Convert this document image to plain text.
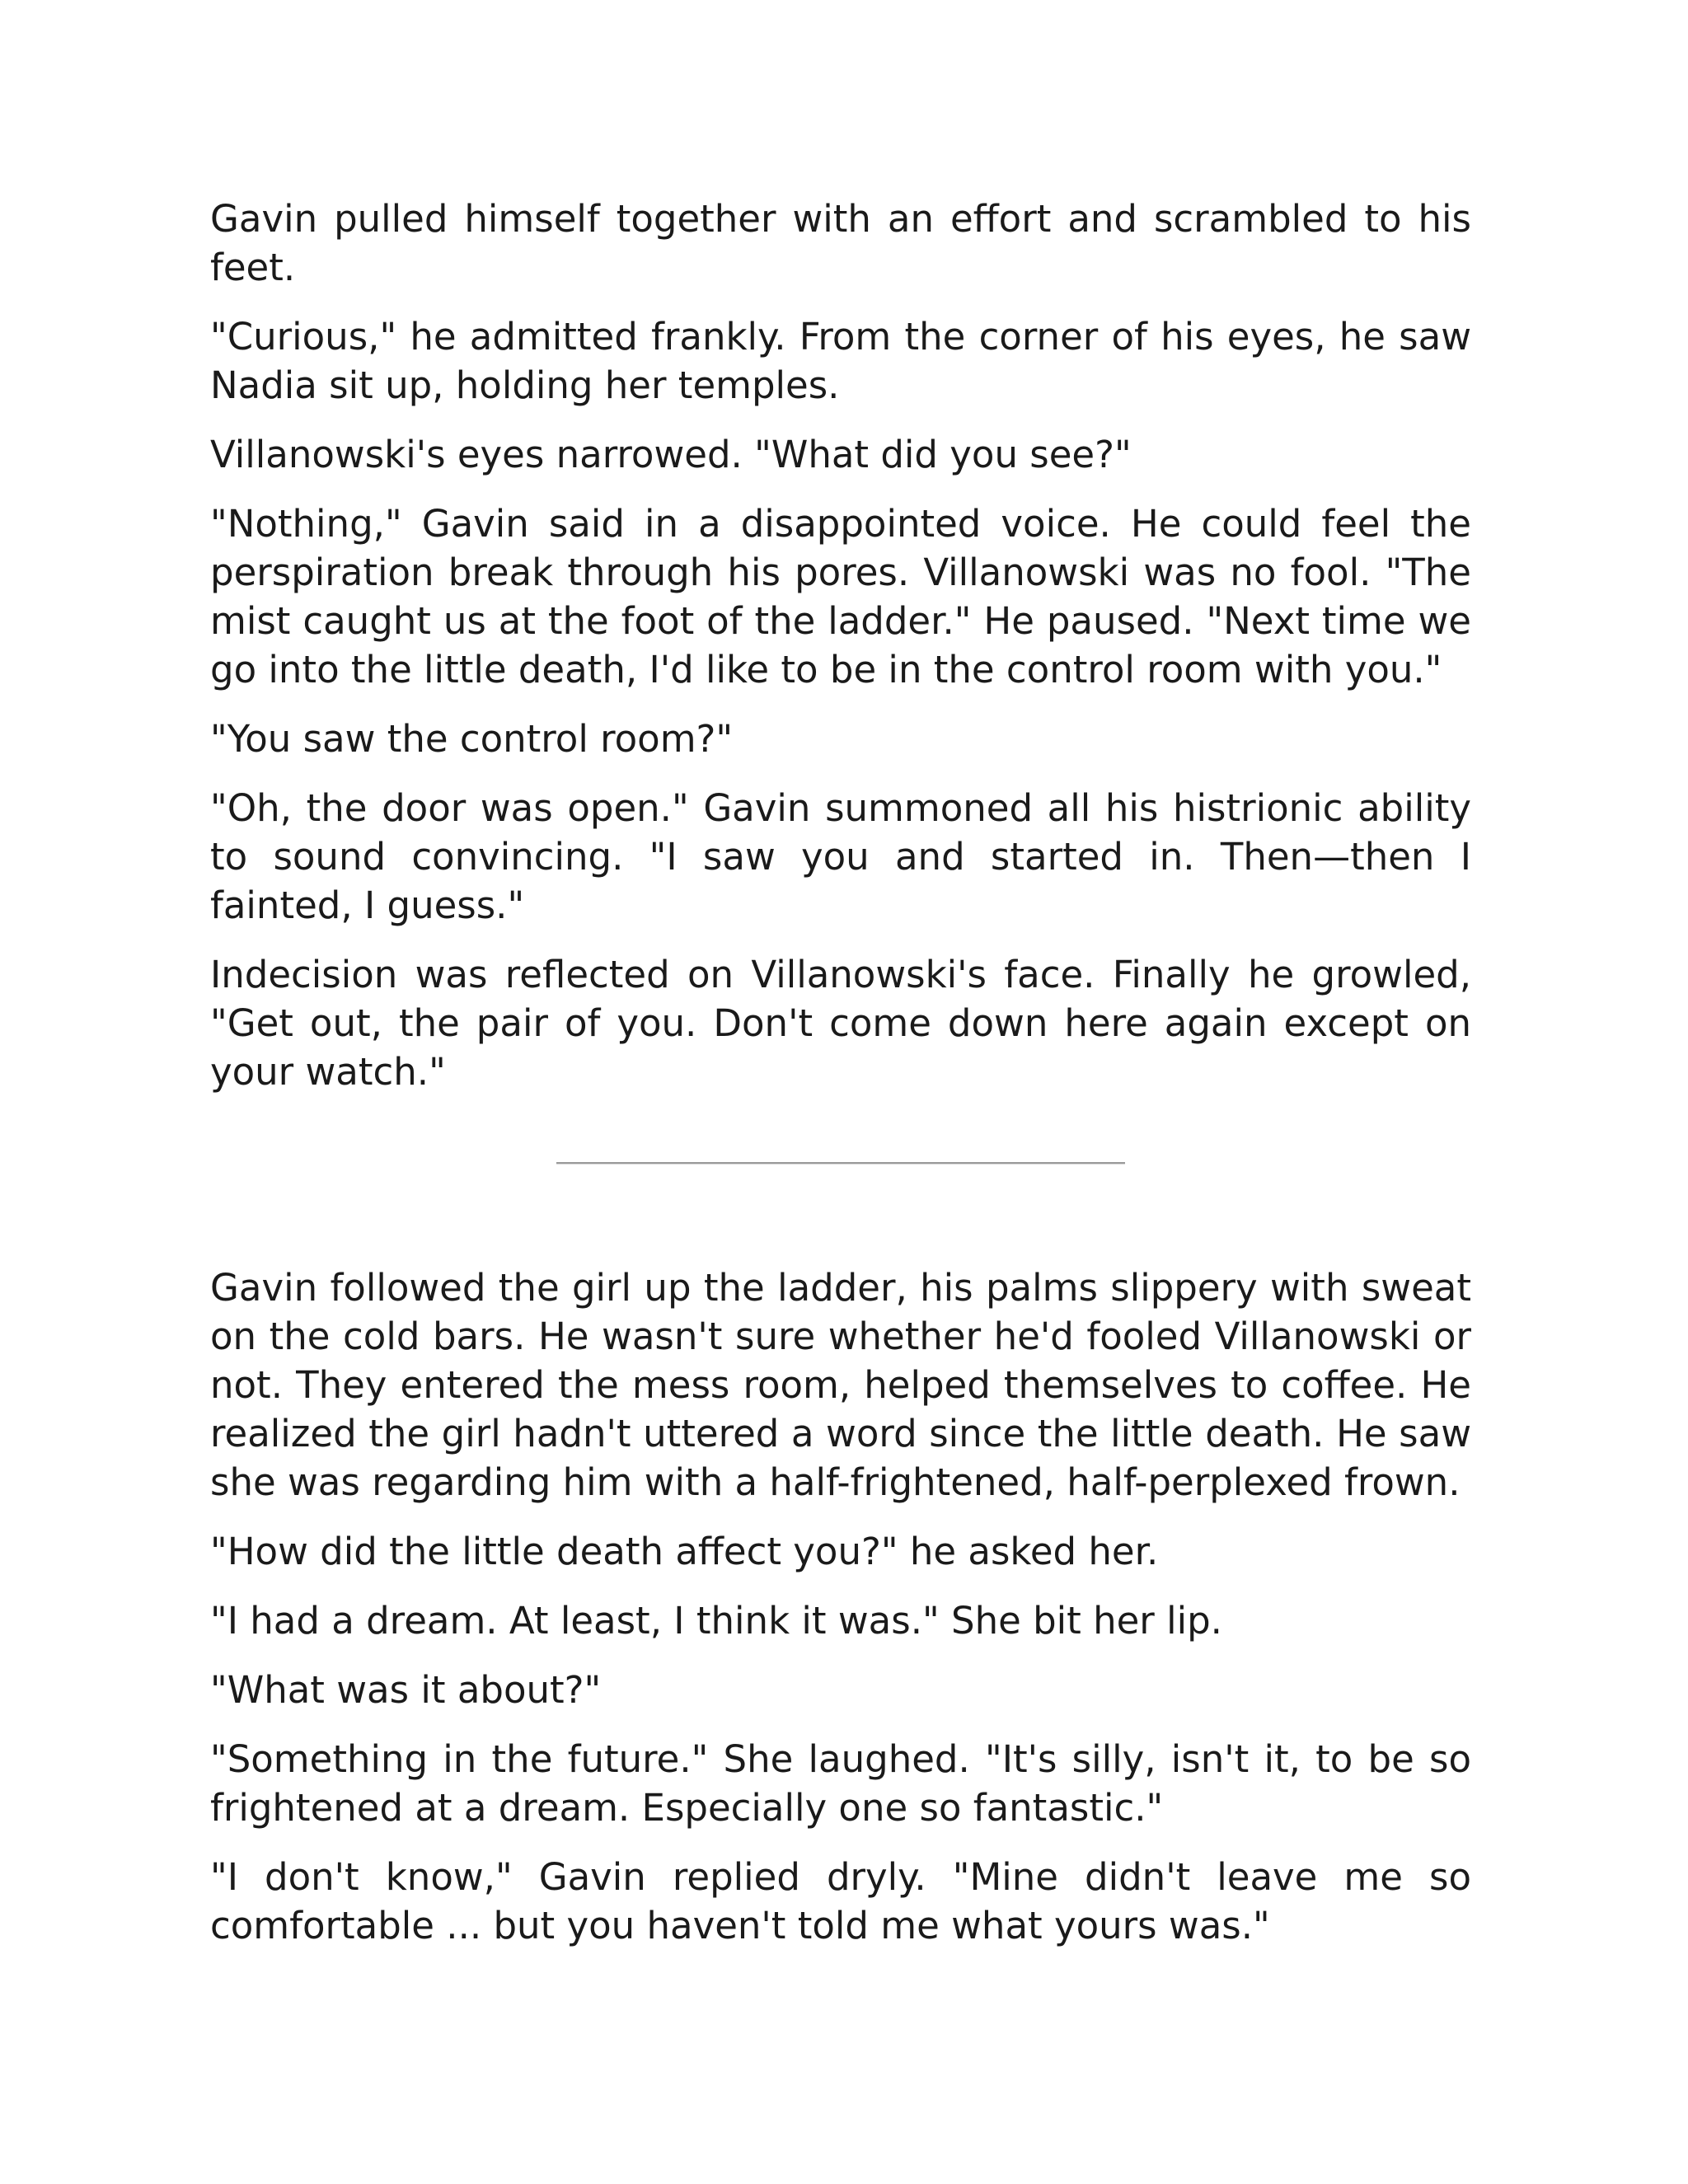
Gavin pulled himself together with an effort and scrambled to his feet.

"Curious," he admitted frankly. From the corner of his eyes, he saw Nadia sit up, holding her temples.

Villanowski's eyes narrowed. "What did you see?"

"Nothing," Gavin said in a disappointed voice. He could feel the perspiration break through his pores. Villanowski was no fool. "The mist caught us at the foot of the ladder." He paused. "Next time we go into the little death, I'd like to be in the control room with you."

"You saw the control room?"

"Oh, the door was open." Gavin summoned all his histrionic ability to sound convincing. "I saw you and started in. Then—then I fainted, I guess."

Indecision was reflected on Villanowski's face. Finally he growled, "Get out, the pair of you. Don't come down here again except on your watch."

Gavin followed the girl up the ladder, his palms slippery with sweat on the cold bars. He wasn't sure whether he'd fooled Villanowski or not. They entered the mess room, helped themselves to coffee. He realized the girl hadn't uttered a word since the little death. He saw she was regarding him with a half-frightened, half-perplexed frown.

"How did the little death affect you?" he asked her.

"I had a dream. At least, I think it was." She bit her lip.

"What was it about?"

"Something in the future." She laughed. "It's silly, isn't it, to be so frightened at a dream. Especially one so fantastic."

"I don't know," Gavin replied dryly. "Mine didn't leave me so comfortable ... but you haven't told me what yours was."
